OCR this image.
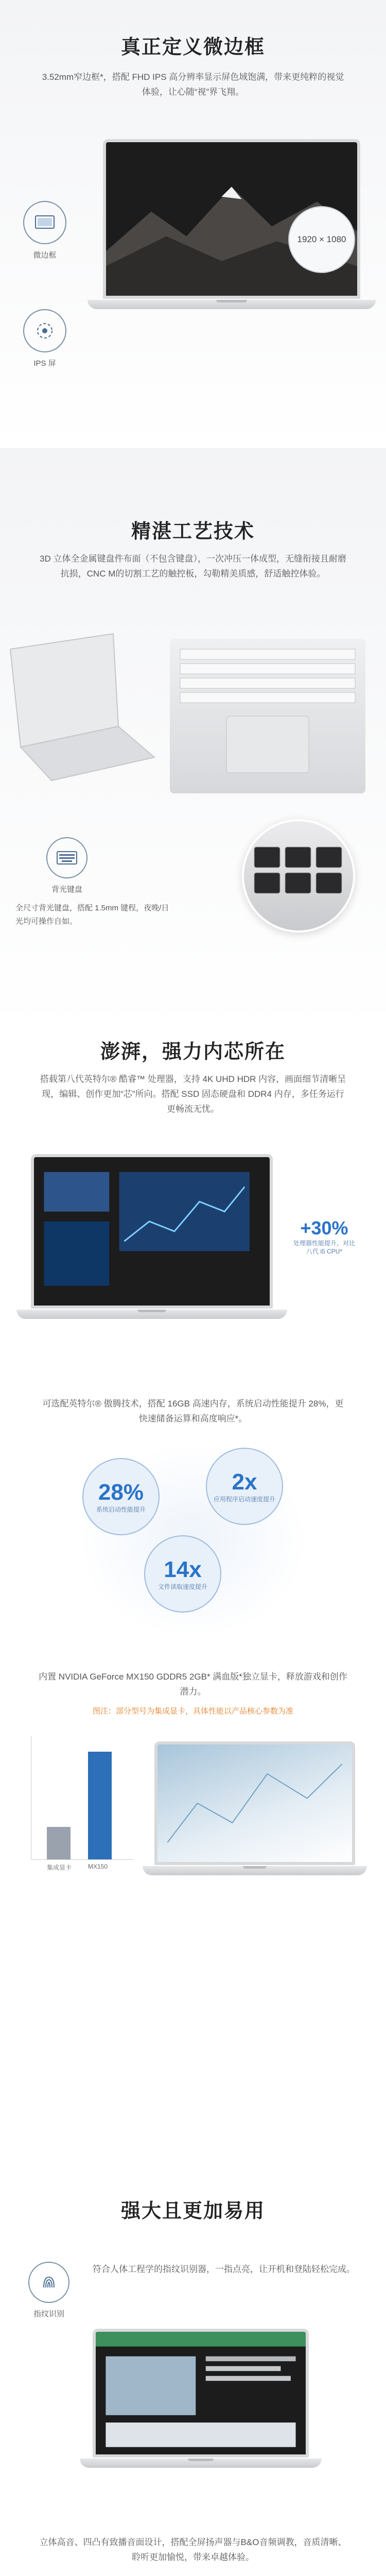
真正定义微边框
3.52mm窄边框*，搭配 FHD IPS 高分辨率显示屏色域饱满，带来更纯粹的视觉体验，让心随“视”界飞翔。
微边框
IPS 屏
1920 × 1080
精湛工艺技术
3D 立体全金属键盘件布面（不包含键盘），一次冲压一体成型，无缝衔接且耐磨抗损，CNC M的切割工艺的触控板，勾勒精美质感，舒适触控体验。
背光键盘
全尺寸背光键盘，搭配 1.5mm 键程，夜晚/日光均可操作自如。
澎湃，强力内芯所在
搭载第八代英特尔® 酷睿™ 处理器，支持 4K UHD HDR 内容，画面细节清晰呈现，编辑、创作更加“芯”所向。搭配 SSD 固态硬盘和 DDR4 内存，多任务运行更畅流无忧。
+30%
处理器性能提升，对比八代 i5 CPU*
可选配英特尔® 傲腾技术，搭配 16GB 高速内存，系统启动性能提升 28%，更快速储备运算和高度响应*。
28%
系统启动性能提升
2x
应用程序启动速度提升
14x
文件读取速度提升
内置 NVIDIA GeForce MX150 GDDR5 2GB* 满血版*独立显卡，释放游戏和创作潜力。
图注：部分型号为集成显卡，具体性能以产品核心参数为准
集成显卡	MX150
强大且更加易用
指纹识别
符合人体工程学的指纹识别器，一指点亮，让开机和登陆轻松完成。
立体高音、四凸有致播音面设计，搭配全屏扬声器与B&O音频调教，音质清晰、聆听更加愉悦，带来卓越体验。
